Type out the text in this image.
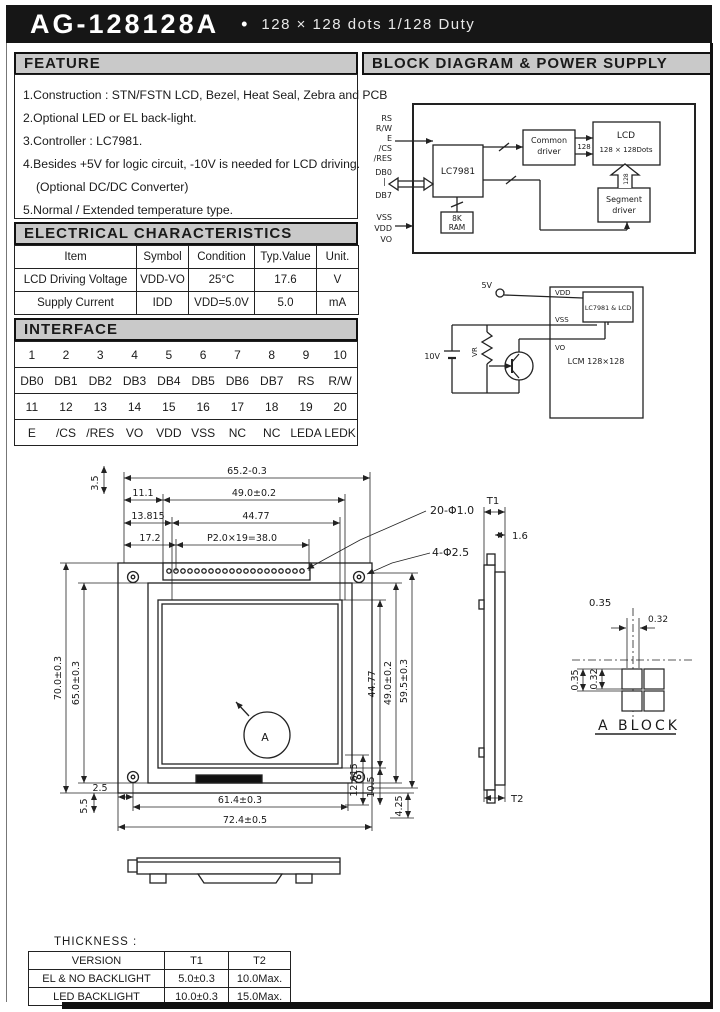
AG-128128A • 128 × 128 dots 1/128 Duty
FEATURE
ELECTRICAL CHARACTERISTICS
INTERFACE
BLOCK DIAGRAM & POWER SUPPLY
1.Construction : STN/FSTN LCD, Bezel, Heat Seal, Zebra and PCB
2.Optional LED or EL back-light.
3.Controller : LC7981.
4.Besides +5V for logic circuit, -10V is needed for LCD driving.
(Optional DC/DC Converter)
5.Normal / Extended temperature type.
Item	Symbol	Condition	Typ.Value	Unit.
LCD Driving Voltage	VDD-VO	25°C	17.6	V
Supply Current	IDD	VDD=5.0V	5.0	mA
1	2	3	4	5	6	7	8	9	10
DB0	DB1	DB2	DB3	DB4	DB5	DB6	DB7	RS	R/W
11	12	13	14	15	16	17	18	19	20
E	/CS	/RES	VO	VDD	VSS	NC	NC	LEDA	LEDK
RS
R/W
E
/CS
/RES
DB0
|
DB7
VSS
VDD
VO
LC7981
8K
RAM
Common
driver 128
LCD
128 × 128Dots
Segment
driver
128
5V
VDD
VSS
VO
LC7981 & LCD
LCM 128×128
10V	VR
A
65.2-0.3
11.1	49.0±0.2
13.815	44.77
17.2	P2.0×19=38.0
3.5
20-Φ1.0
4-Φ2.5
70.0±0.3 65.0±0.3	44.77 49.0±0.2 59.5±0.3
12.615 10.5
2.5
5.5	61.4±0.3
72.4±0.5
4.25
T1
1.6
T2
0.35
0.32
0.32
0.35
A BLOCK
THICKNESS :
VERSION	T1	T2
EL & NO BACKLIGHT	5.0±0.3	10.0Max.
LED BACKLIGHT	10.0±0.3	15.0Max.
